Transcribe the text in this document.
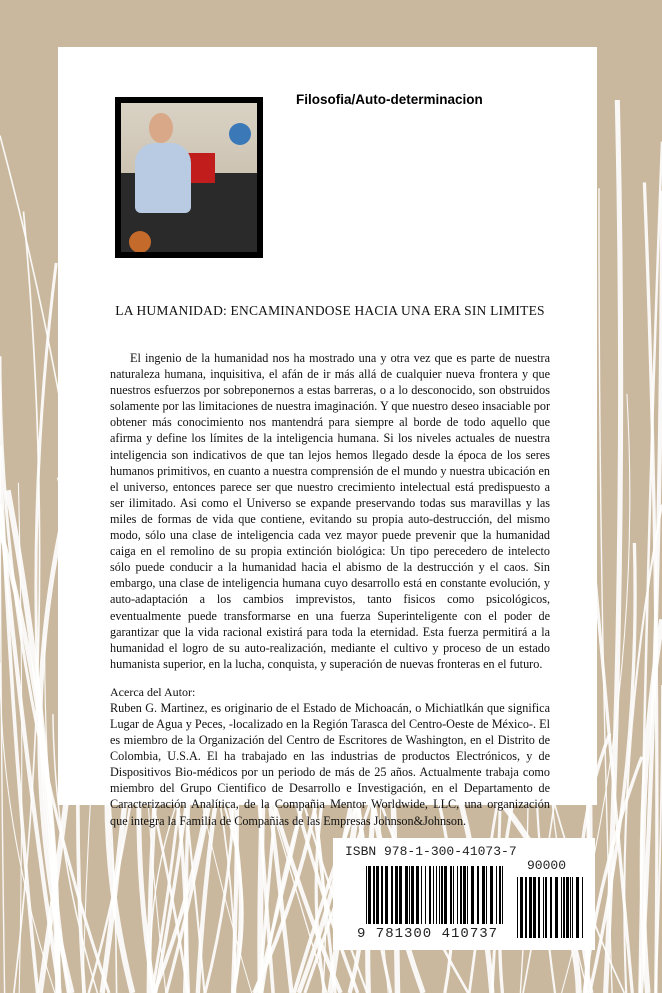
Filosofia/Auto-determinacion
LA HUMANIDAD: ENCAMINANDOSE HACIA UNA ERA SIN LIMITES

El ingenio de la humanidad nos ha mostrado una y otra vez que es parte de nuestra naturaleza humana, inquisitiva, el afán de ir más allá de cualquier nueva frontera y que nuestros esfuerzos por sobreponernos a estas barreras, o a lo desconocido, son obstruidos solamente por las limitaciones de nuestra imaginación. Y que nuestro deseo insaciable por obtener más conocimiento nos mantendrá para siempre al borde de todo aquello que afirma y define los límites de la inteligencia humana. Si los niveles actuales de nuestra inteligencia son indicativos de que tan lejos hemos llegado desde la época de los seres humanos primitivos, en cuanto a nuestra comprensión de el mundo y nuestra ubicación en el universo, entonces parece ser que nuestro crecimiento intelectual está predispuesto a ser ilimitado. Asi como el Universo se expande preservando todas sus maravillas y las miles de formas de vida que contiene, evitando su propia auto-destrucción, del mismo modo, sólo una clase de inteligencia cada vez mayor puede prevenir que la humanidad caiga en el remolino de su propia extinción biológica: Un tipo perecedero de intelecto sólo puede conducir a la humanidad hacia el abismo de la destrucción y el caos. Sin embargo, una clase de inteligencia humana cuyo desarrollo está en constante evolución, y auto-adaptación a los cambios imprevistos, tanto fisicos como psicológicos, eventualmente puede transformarse en una fuerza Superinteligente con el poder de garantizar que la vida racional existirá para toda la eternidad. Esta fuerza permitirá a la humanidad el logro de su auto-realización, mediante el cultivo y proceso de un estado humanista superior, en la lucha, conquista, y superación de nuevas fronteras en el futuro.

Acerca del Autor:

Ruben G. Martinez, es originario de el Estado de Michoacán, o Michiatlkán que significa Lugar de Agua y Peces, -localizado en la Región Tarasca del Centro-Oeste de México-. El es miembro de la Organización del Centro de Escritores de Washington, en el Distrito de Colombia, U.S.A. El ha trabajado en las industrias de productos Electrónicos, y de Dispositivos Bio-médicos por un periodo de más de 25 años. Actualmente trabaja como miembro del Grupo Cientifico de Desarrollo e Investigación, en el Departamento de Caracterización Analítica, de la Compañia Mentor Worldwide, LLC, una organización que integra la Familia de Compañias de las Empresas Johnson&Johnson.

ISBN 978-1-300-41073-7
90000
9 781300 410737
